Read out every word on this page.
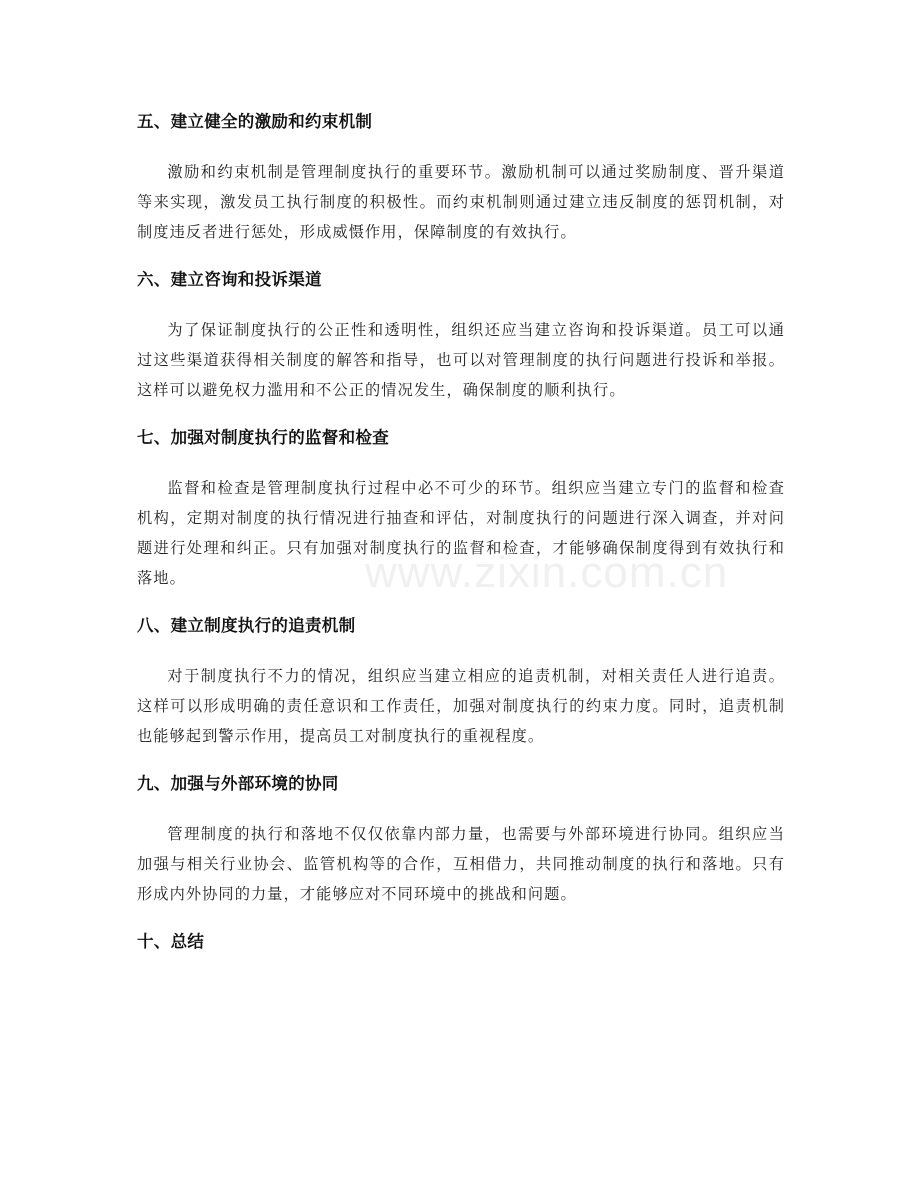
五、建立健全的激励和约束机制

激励和约束机制是管理制度执行的重要环节。激励机制可以通过奖励制度、晋升渠道等来实现，激发员工执行制度的积极性。而约束机制则通过建立违反制度的惩罚机制，对制度违反者进行惩处，形成威慑作用，保障制度的有效执行。

六、建立咨询和投诉渠道

为了保证制度执行的公正性和透明性，组织还应当建立咨询和投诉渠道。员工可以通过这些渠道获得相关制度的解答和指导，也可以对管理制度的执行问题进行投诉和举报。这样可以避免权力滥用和不公正的情况发生，确保制度的顺利执行。

七、加强对制度执行的监督和检查

监督和检查是管理制度执行过程中必不可少的环节。组织应当建立专门的监督和检查机构，定期对制度的执行情况进行抽查和评估，对制度执行的问题进行深入调查，并对问题进行处理和纠正。只有加强对制度执行的监督和检查，才能够确保制度得到有效执行和落地。

八、建立制度执行的追责机制

对于制度执行不力的情况，组织应当建立相应的追责机制，对相关责任人进行追责。这样可以形成明确的责任意识和工作责任，加强对制度执行的约束力度。同时，追责机制也能够起到警示作用，提高员工对制度执行的重视程度。

九、加强与外部环境的协同

管理制度的执行和落地不仅仅依靠内部力量，也需要与外部环境进行协同。组织应当加强与相关行业协会、监管机构等的合作，互相借力，共同推动制度的执行和落地。只有形成内外协同的力量，才能够应对不同环境中的挑战和问题。

十、总结
www.zixin.com.cn
